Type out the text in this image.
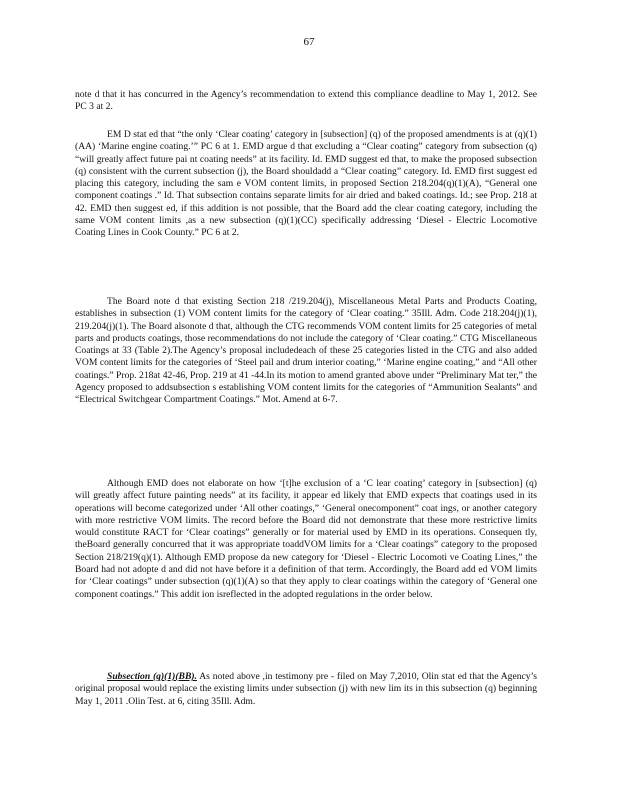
67

note d that it has concurred in the Agency’s recommendation to extend this compliance deadline to May 1, 2012. See PC 3 at 2.

EM D stat ed that “the only ‘Clear coating’ category in [subsection] (q) of the proposed amendments is at (q)(1)(AA) ‘Marine engine coating.’” PC 6 at 1. EMD argue d that excluding a “Clear coating” category from subsection (q) “will greatly affect future pai nt coating needs” at its facility. Id. EMD suggest ed that, to make the proposed subsection (q) consistent with the current subsection (j), the Board shouldadd a “Clear coating” category. Id. EMD first suggest ed placing this category, including the sam e VOM content limits, in proposed Section 218.204(q)(1)(A), “General one component coatings .” Id. That subsection contains separate limits for air dried and baked coatings. Id.; see Prop. 218 at 42. EMD then suggest ed, if this addition is not possible, that the Board add the clear coating category, including the same VOM content limits ,as a new subsection (q)(1)(CC) specifically addressing ‘Diesel - Electric Locomotive Coating Lines in Cook County.” PC 6 at 2.

The Board note d that existing Section 218 /219.204(j), Miscellaneous Metal Parts and Products Coating, establishes in subsection (1) VOM content limits for the category of ‘Clear coating.” 35Ill. Adm. Code 218.204(j)(1), 219.204(j)(1). The Board alsonote d that, although the CTG recommends VOM content limits for 25 categories of metal parts and products coatings, those recommendations do not include the category of ‘Clear coating.” CTG Miscellaneous Coatings at 33 (Table 2).The Agency’s proposal includedeach of these 25 categories listed in the CTG and also added VOM content limits for the categories of ‘Steel pail and drum interior coating,” ‘Marine engine coating,” and “All other coatings.” Prop. 218at 42-46, Prop. 219 at 41 -44.In its motion to amend granted above under “Preliminary Mat ter,” the Agency proposed to addsubsection s establishing VOM content limits for the categories of “Ammunition Sealants” and “Electrical Switchgear Compartment Coatings.” Mot. Amend at 6-7.

Although EMD does not elaborate on how ‘[t]he exclusion of a ‘C lear coating’ category in [subsection] (q) will greatly affect future painting needs” at its facility, it appear ed likely that EMD expects that coatings used in its operations will become categorized under ‘All other coatings,” ‘General onecomponent” coat ings, or another category with more restrictive VOM limits. The record before the Board did not demonstrate that these more restrictive limits would constitute RACT for ‘Clear coatings” generally or for material used by EMD in its operations. Consequen tly, theBoard generally concurred that it was appropriate toaddVOM limits for a ‘Clear coatings” category to the proposed Section 218/219(q)(1). Although EMD propose da new category for ‘Diesel - Electric Locomoti ve Coating Lines,” the Board had not adopte d and did not have before it a definition of that term. Accordingly, the Board add ed VOM limits for ‘Clear coatings” under subsection (q)(1)(A) so that they apply to clear coatings within the category of ‘General one component coatings.” This addit ion isreflected in the adopted regulations in the order below.

Subsection (q)(1)(BB). As noted above ,in testimony pre - filed on May 7,2010, Olin stat ed that the Agency’s original proposal would replace the existing limits under subsection (j) with new lim its in this subsection (q) beginning May 1, 2011 .Olin Test. at 6, citing 35Ill. Adm.
